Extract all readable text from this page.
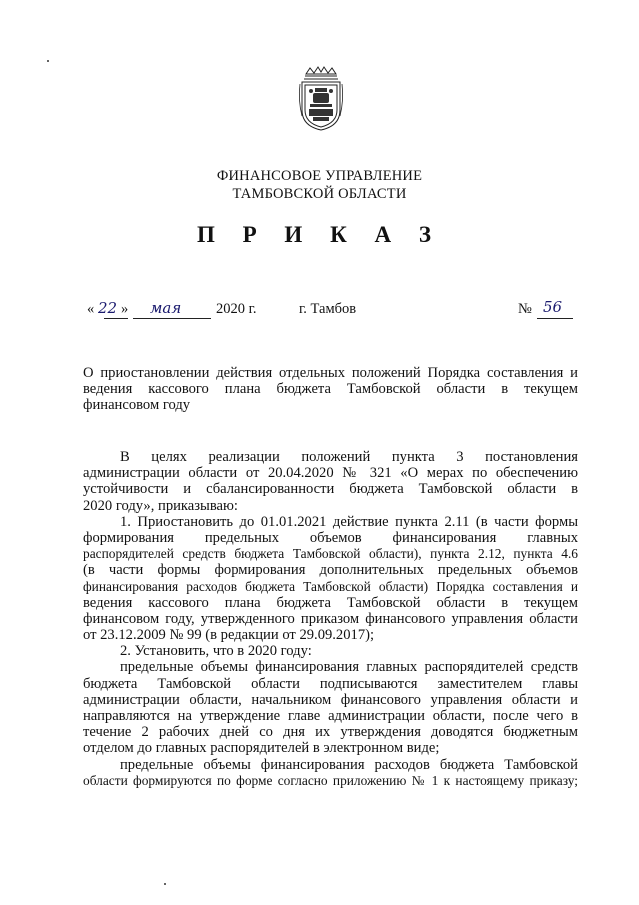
ФИНАНСОВОЕ УПРАВЛЕНИЕ
ТАМБОВСКОЙ ОБЛАСТИ
П Р И К А З
« 22 » мая 2020 г.	г. Тамбов	№ 56
О приостановлении действия отдельных положений Порядка составления и
ведения кассового плана бюджета Тамбовской области в текущем
финансовом году
В целях реализации положений пункта 3 постановления
администрации области от 20.04.2020 № 321 «О мерах по обеспечению
устойчивости и сбалансированности бюджета Тамбовской области в
2020 году», приказываю:
1. Приостановить до 01.01.2021 действие пункта 2.11 (в части формы
формирования предельных объемов финансирования главных
распорядителей средств бюджета Тамбовской области), пункта 2.12, пункта 4.6
(в части формы формирования дополнительных предельных объемов
финансирования расходов бюджета Тамбовской области) Порядка составления и
ведения кассового плана бюджета Тамбовской области в текущем
финансовом году, утвержденного приказом финансового управления области
от 23.12.2009 № 99 (в редакции от 29.09.2017);
2. Установить, что в 2020 году:
предельные объемы финансирования главных распорядителей средств
бюджета Тамбовской области подписываются заместителем главы
администрации области, начальником финансового управления области и
направляются на утверждение главе администрации области, после чего в
течение 2 рабочих дней со дня их утверждения доводятся бюджетным
отделом до главных распорядителей в электронном виде;
предельные объемы финансирования расходов бюджета Тамбовской
области формируются по форме согласно приложению № 1 к настоящему приказу;
